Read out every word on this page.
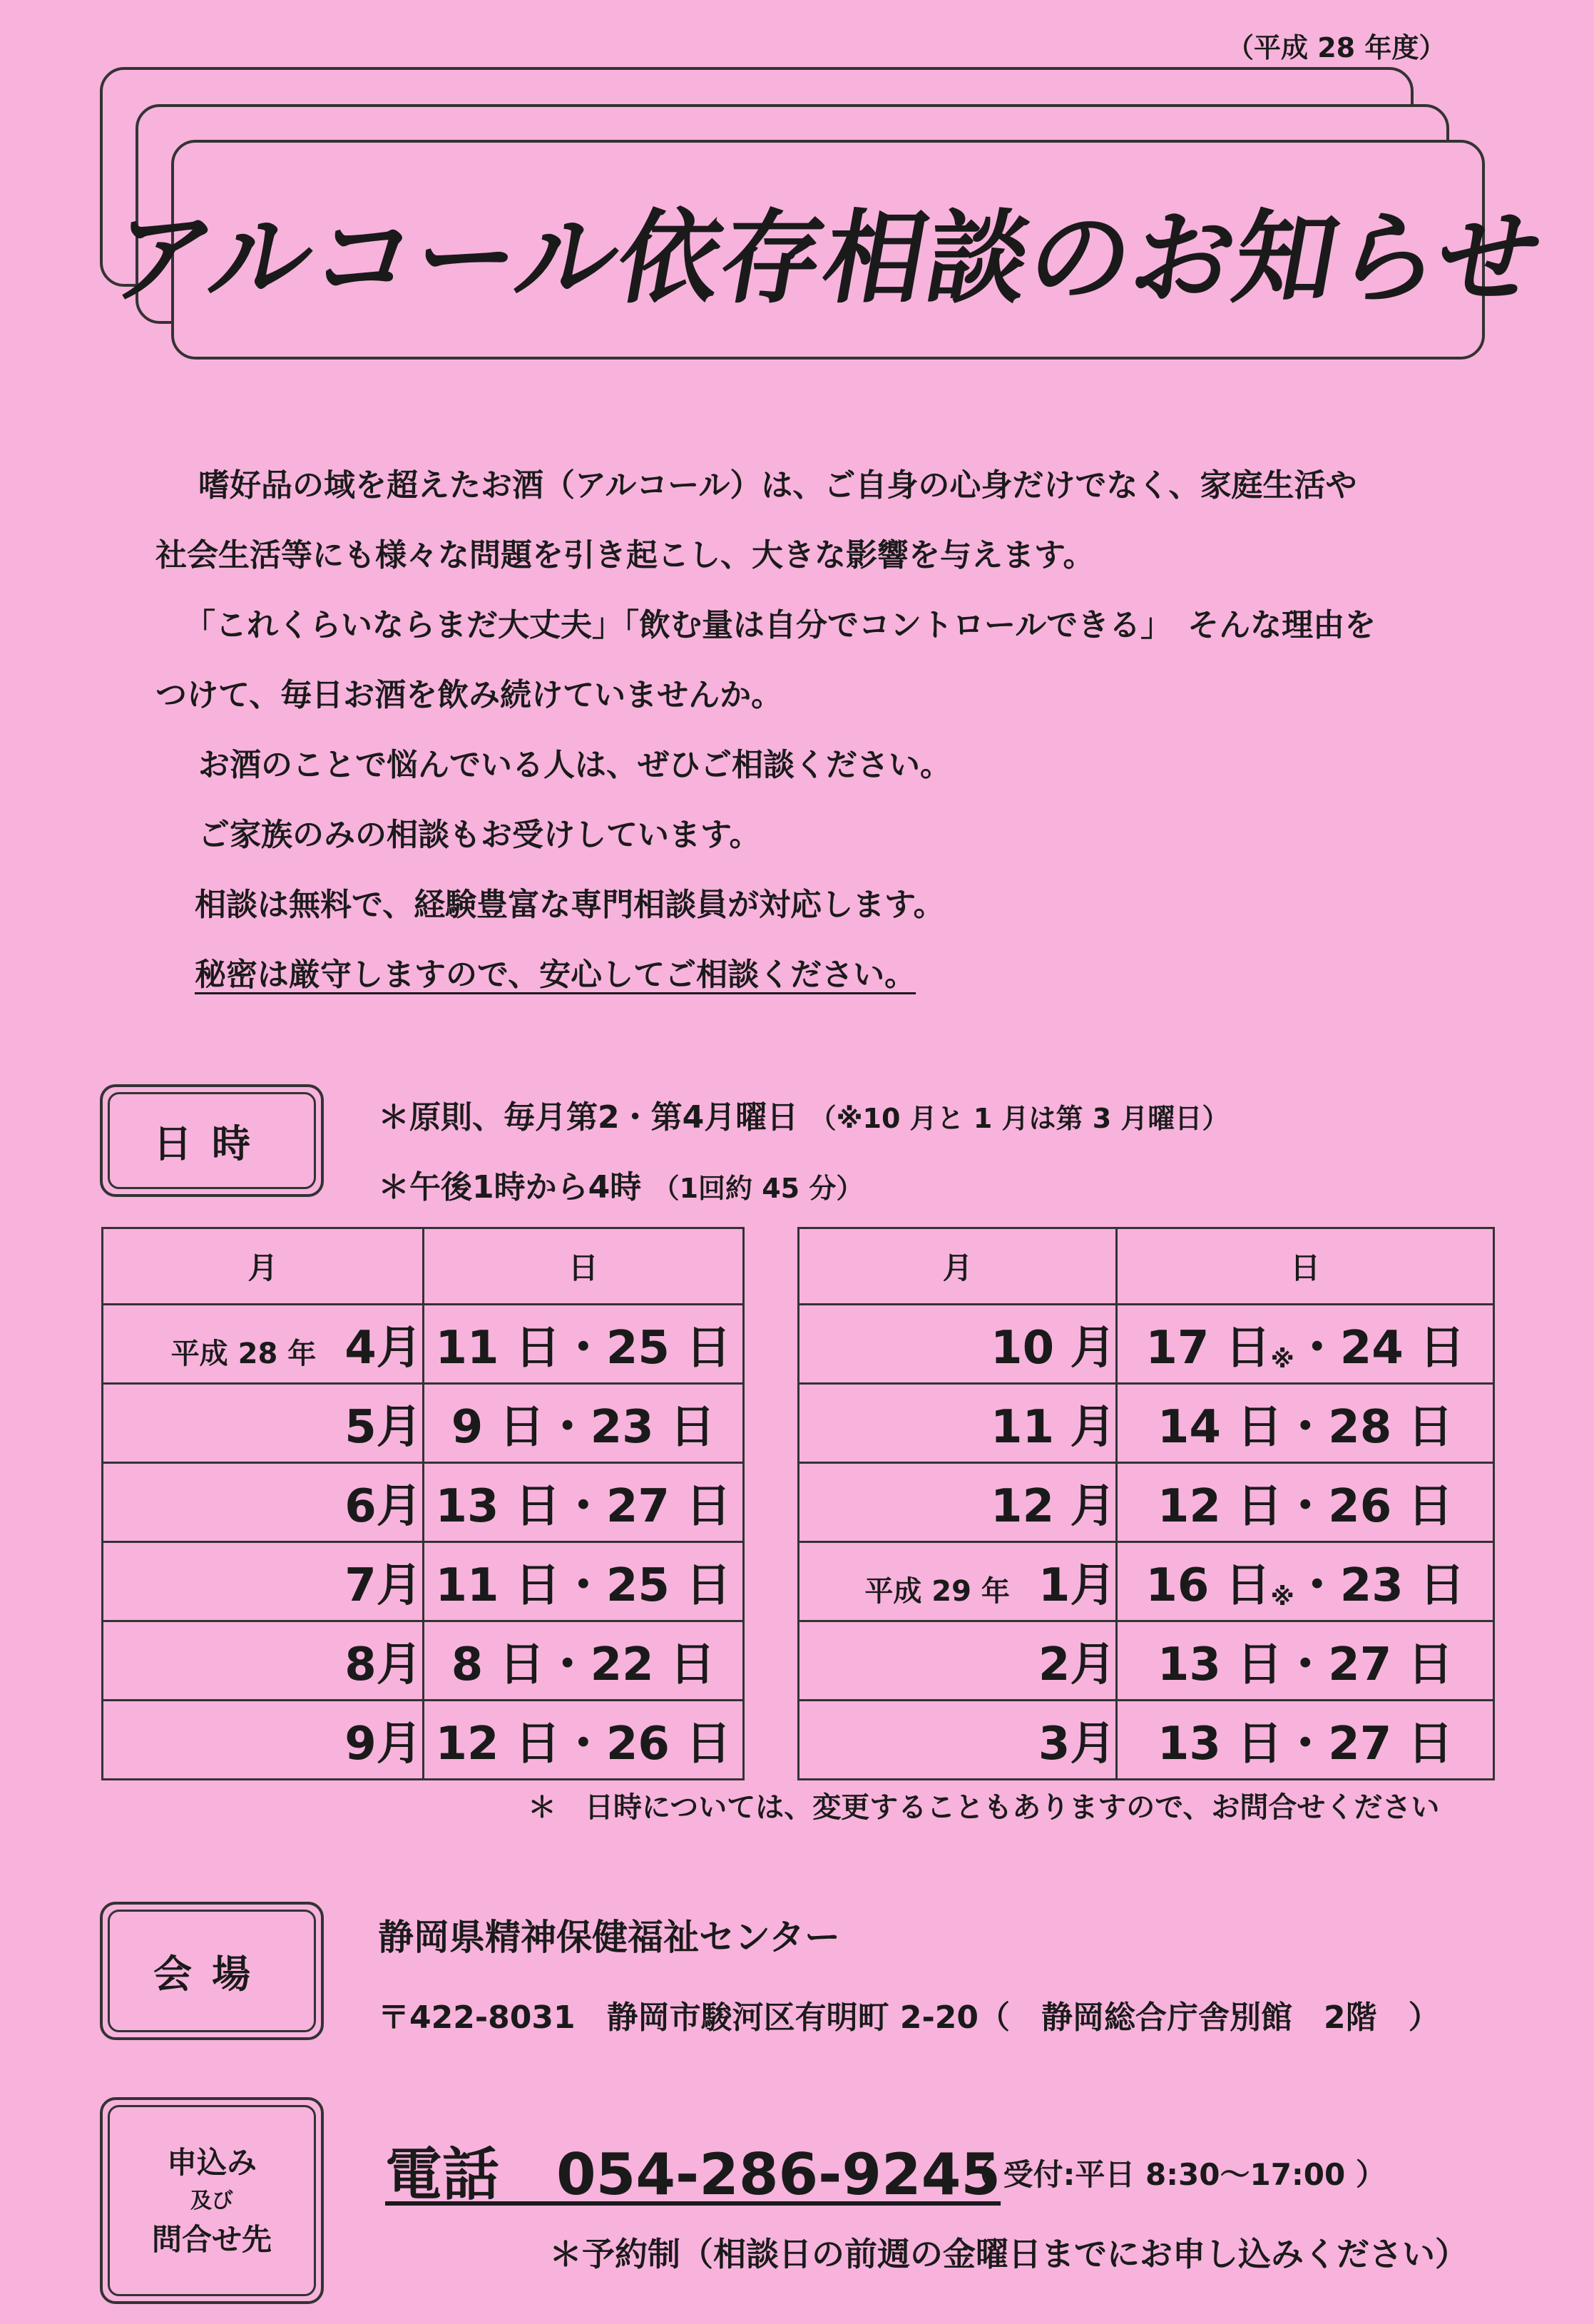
（平成 28 年度）
アルコール依存相談のお知らせ

嗜好品の域を超えたお酒（アルコール）は、ご自身の心身だけでなく、家庭生活や

社会生活等にも様々な問題を引き起こし、大きな影響を与えます。

「これくらいならまだ大丈夫」「飲む量は自分でコントロールできる」　そんな理由を

つけて、毎日お酒を飲み続けていませんか。

お酒のことで悩んでいる人は、ぜひご相談ください。

ご家族のみの相談もお受けしています。

相談は無料で、経験豊富な専門相談員が対応します。

秘密は厳守しますので、安心してご相談ください。

日時
＊原則、毎月第2・第4月曜日 （※10 月と 1 月は第 3 月曜日）
＊午後1時から4時 （1回約 45 分）
月	日
平成 28 年 4月	11 日・25 日
5月	9 日・23 日
6月	13 日・27 日
7月	11 日・25 日
8月	8 日・22 日
9月	12 日・26 日
月	日
10 月	17 日※・24 日
11 月	14 日・28 日
12 月	12 日・26 日
平成 29 年 1月	16 日※・23 日
2月	13 日・27 日
3月	13 日・27 日
＊　日時については、変更することもありますので、お問合せください
会場
静岡県精神保健福祉センター
〒422-8031　静岡市駿河区有明町 2-20（　静岡総合庁舎別館　2階　）
申込み
及び
問合せ先
電話　054-286-9245
（ 受付:平日 8:30〜17:00 ）
＊予約制（相談日の前週の金曜日までにお申し込みください）
